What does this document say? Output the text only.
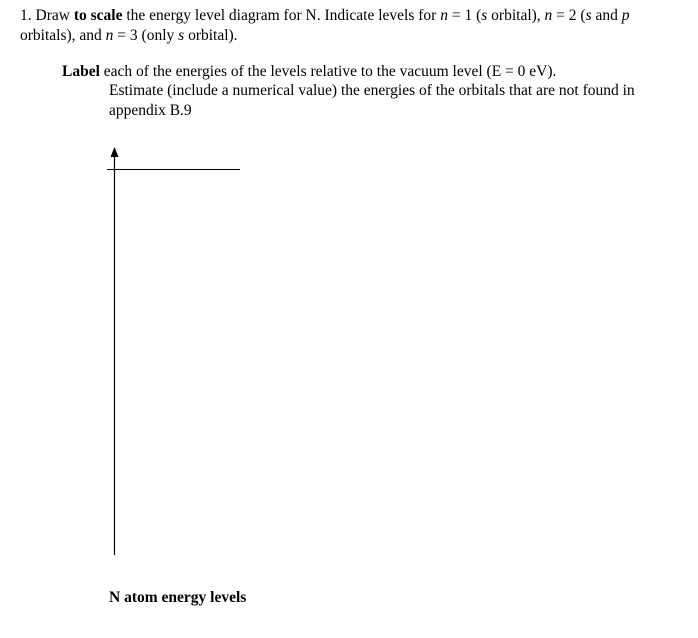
1. Draw to scale the energy level diagram for N. Indicate levels for n = 1 (s orbital), n = 2 (s and p orbitals), and n = 3 (only s orbital).
Label each of the energies of the levels relative to the vacuum level (E = 0 eV).
Estimate (include a numerical value) the energies of the orbitals that are not found in appendix B.9
N atom energy levels
